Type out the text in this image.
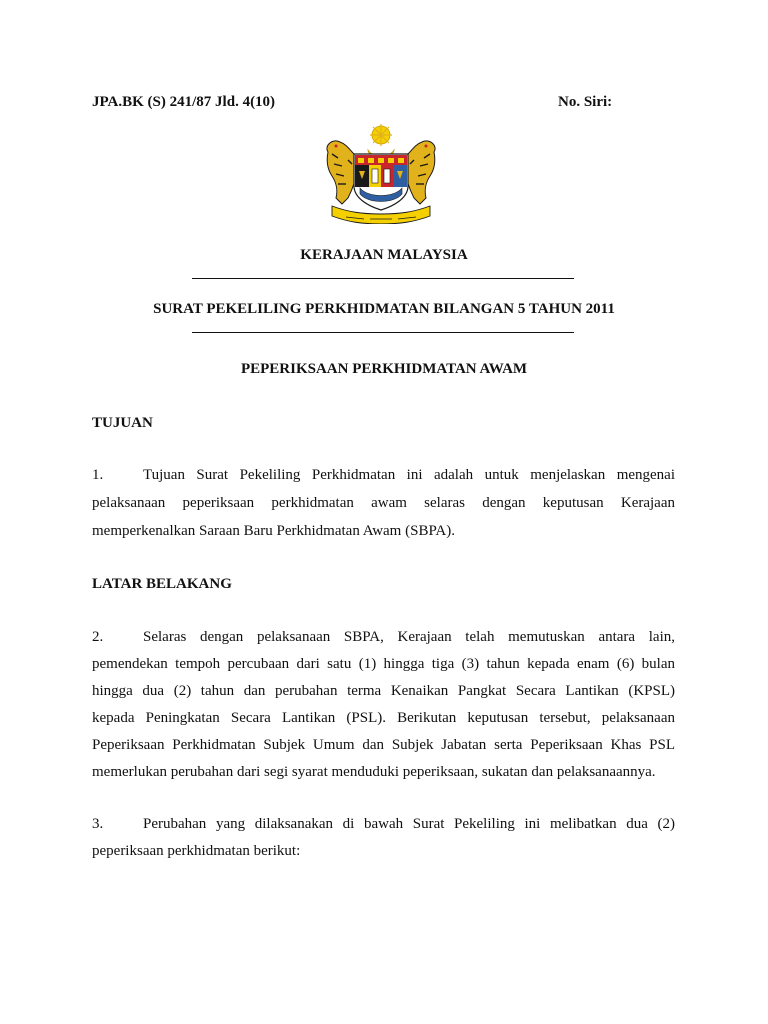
JPA.BK (S) 241/87 Jld. 4(10)	No. Siri:
KERAJAAN MALAYSIA
SURAT PEKELILING PERKHIDMATAN BILANGAN 5 TAHUN 2011
PEPERIKSAAN PERKHIDMATAN AWAM
TUJUAN
1.	Tujuan Surat Pekeliling Perkhidmatan ini adalah untuk menjelaskan mengenai
pelaksanaan peperiksaan perkhidmatan awam selaras dengan keputusan Kerajaan
memperkenalkan Saraan Baru Perkhidmatan Awam (SBPA).
LATAR BELAKANG
2.	Selaras dengan pelaksanaan SBPA, Kerajaan telah memutuskan antara lain,
pemendekan tempoh percubaan dari satu (1) hingga tiga (3) tahun kepada enam (6) bulan
hingga dua (2) tahun dan perubahan terma Kenaikan Pangkat Secara Lantikan (KPSL)
kepada Peningkatan Secara Lantikan (PSL). Berikutan keputusan tersebut, pelaksanaan
Peperiksaan Perkhidmatan Subjek Umum dan Subjek Jabatan serta Peperiksaan Khas PSL
memerlukan perubahan dari segi syarat menduduki peperiksaan, sukatan dan pelaksanaannya.
3.	Perubahan yang dilaksanakan di bawah Surat Pekeliling ini melibatkan dua (2)
peperiksaan perkhidmatan berikut:
